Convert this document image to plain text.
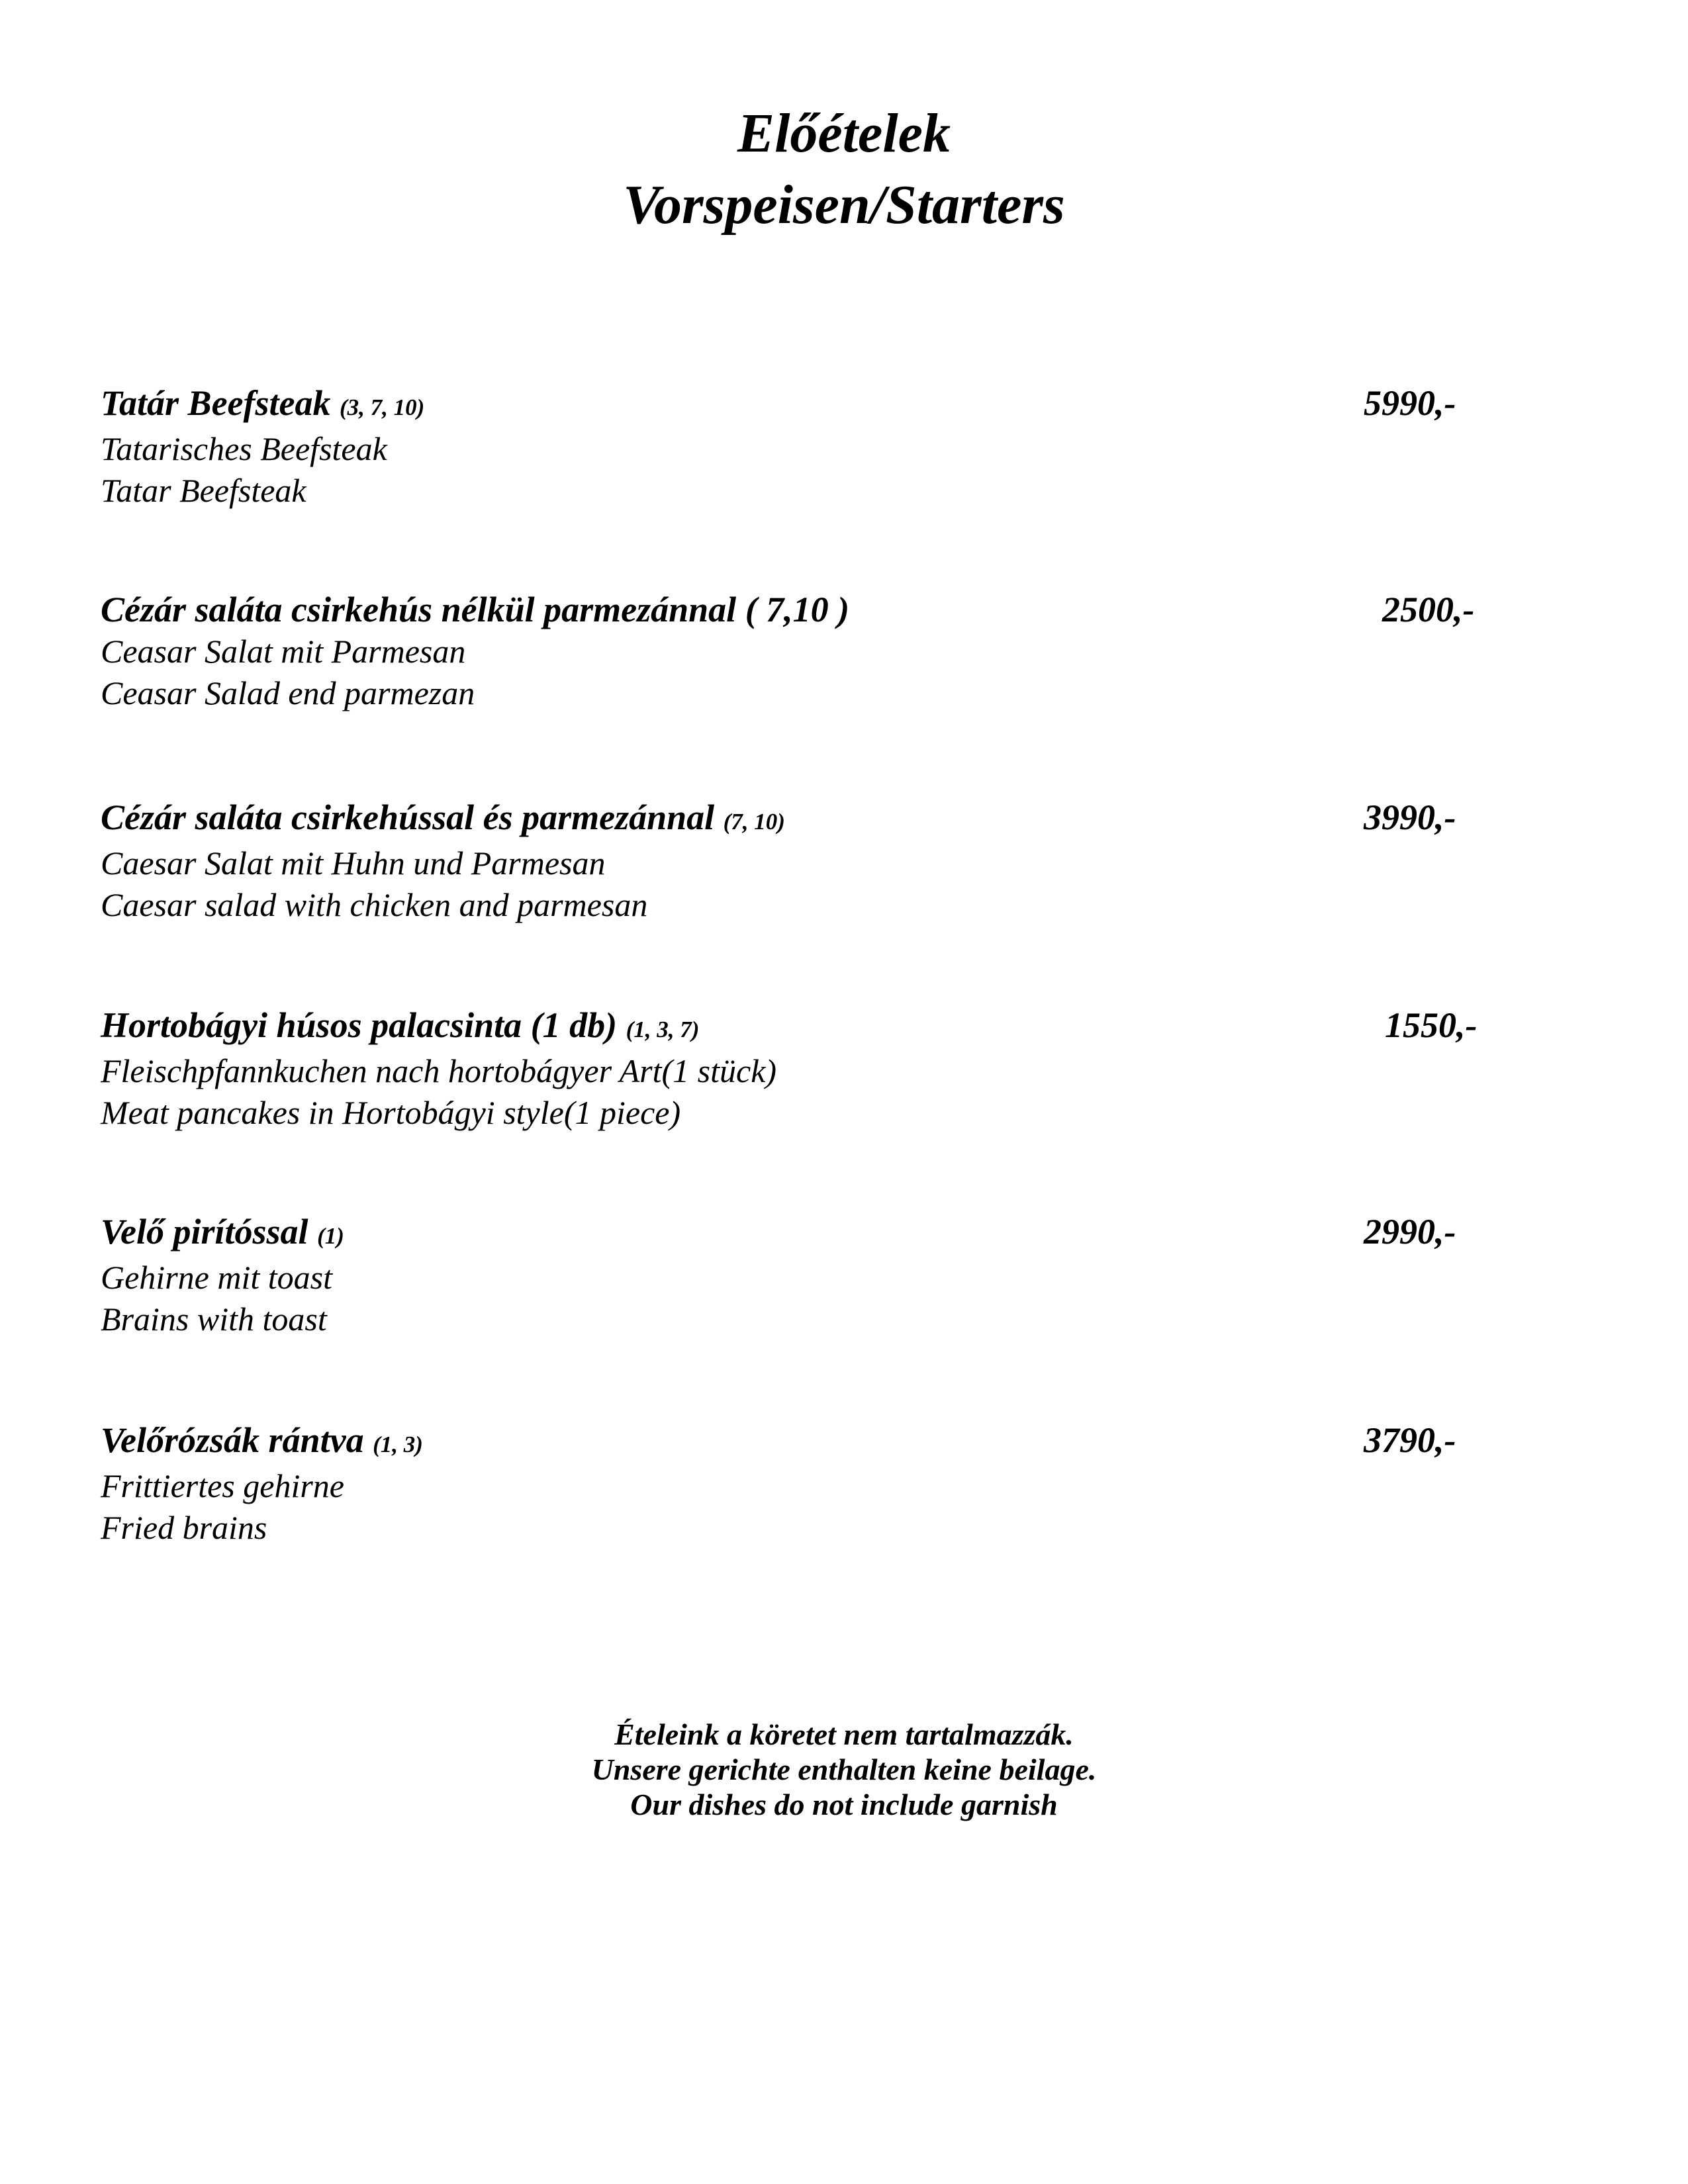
Előételek
Vorspeisen/Starters
Tatár Beefsteak (3, 7, 10)
Tatarisches Beefsteak
Tatar Beefsteak
5990,-
Cézár saláta csirkehús nélkül parmezánnal ( 7,10 )
Ceasar Salat mit Parmesan
Ceasar Salad end parmezan
2500,-
Cézár saláta csirkehússal és parmezánnal (7, 10)
Caesar Salat mit Huhn und Parmesan
Caesar salad with chicken and parmesan
3990,-
Hortobágyi húsos palacsinta (1 db) (1, 3, 7)
Fleischpfannkuchen nach hortobágyer Art(1 stück)
Meat pancakes in Hortobágyi style(1 piece)
1550,-
Velő pirítóssal (1)
Gehirne mit toast
Brains with toast
2990,-
Velőrózsák rántva (1, 3)
Frittiertes gehirne
Fried brains
3790,-
Ételeink a köretet nem tartalmazzák.
Unsere gerichte enthalten keine beilage.
Our dishes do not include garnish
